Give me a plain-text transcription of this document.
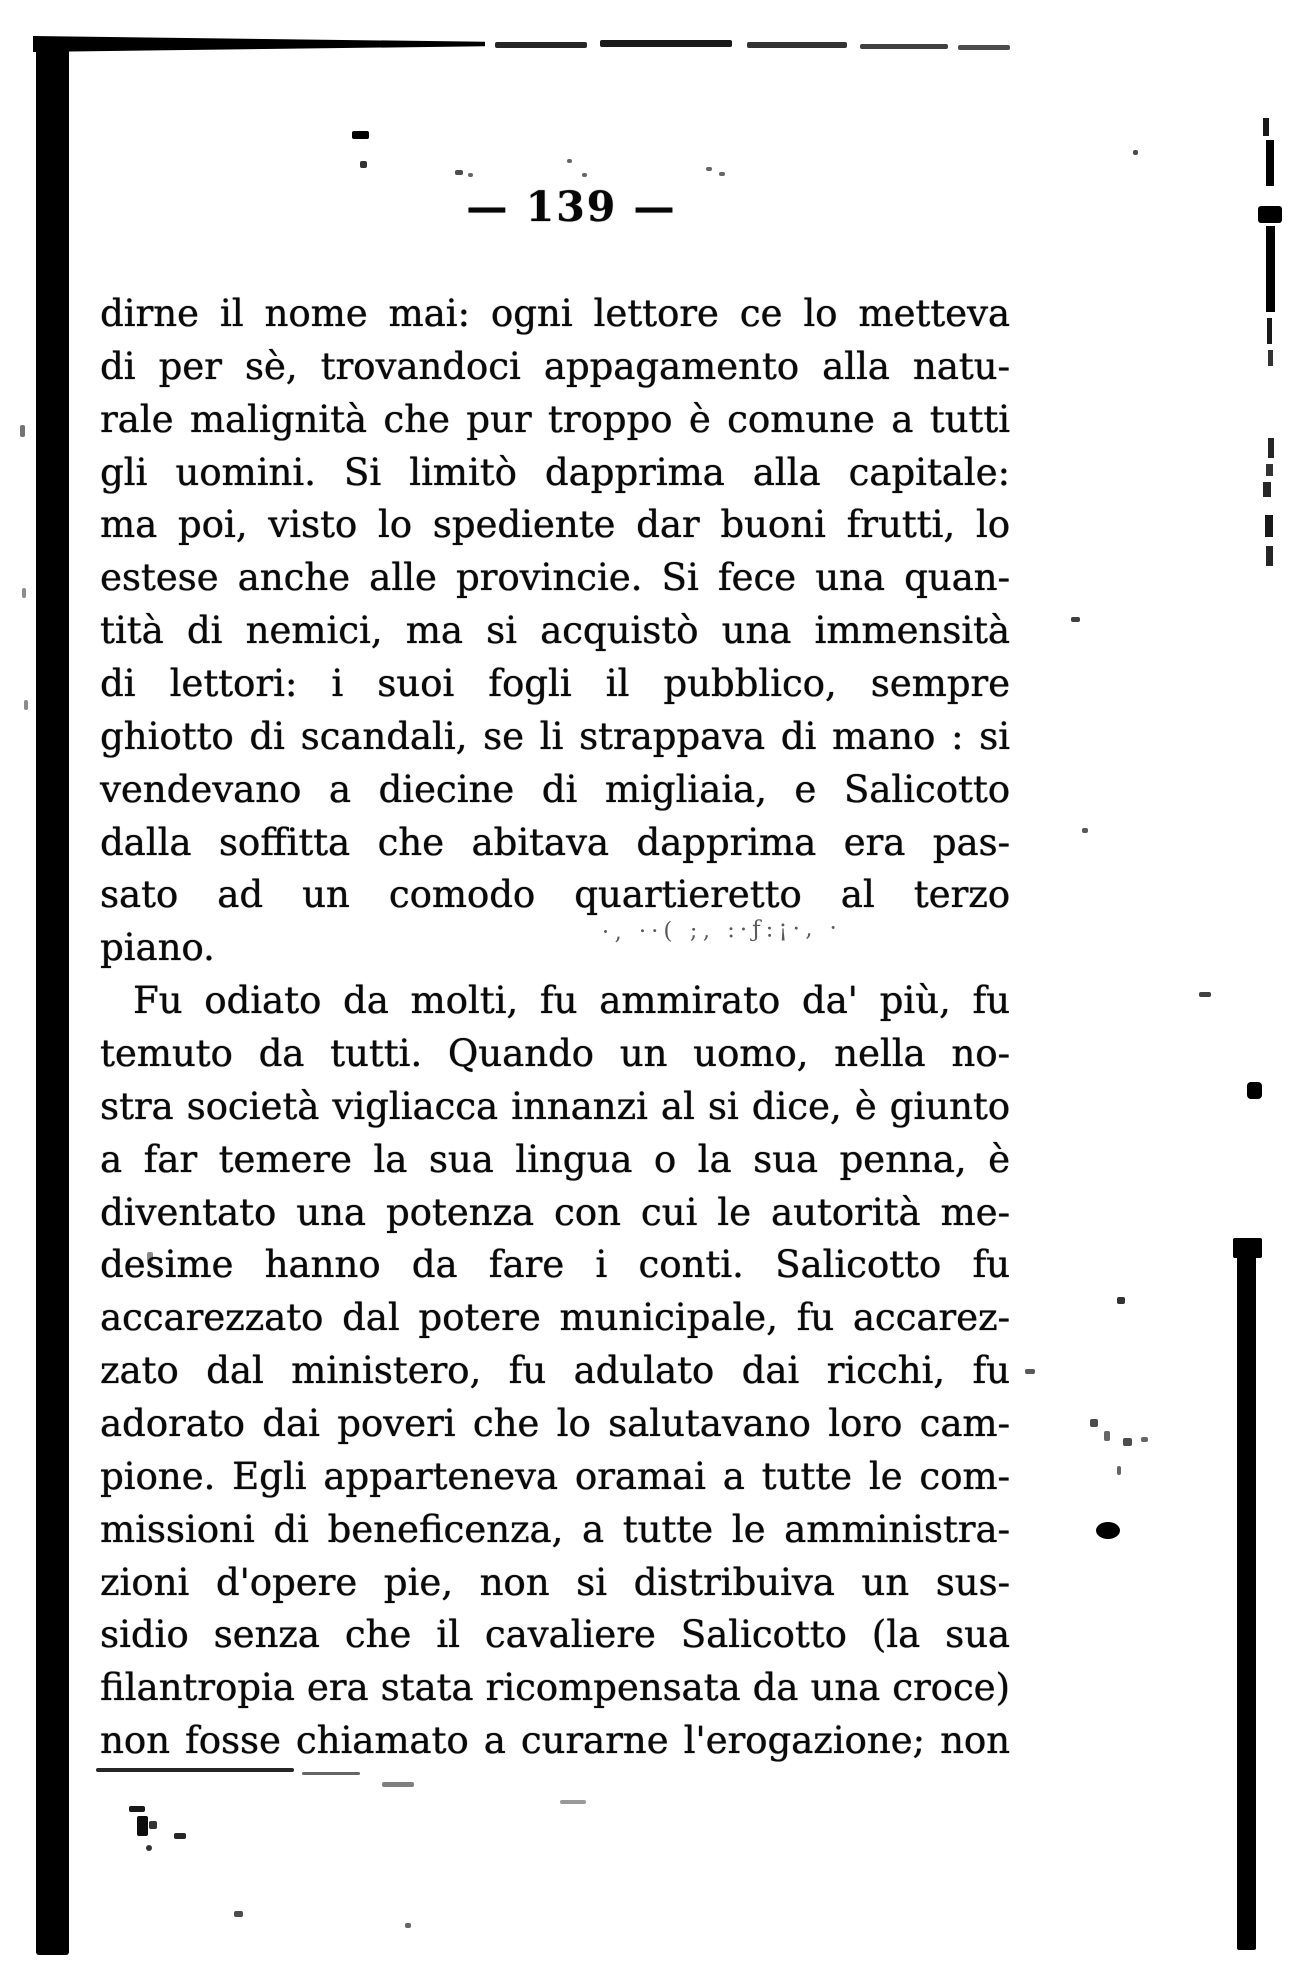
— 139 —
dirne il nome mai: ogni lettore ce lo metteva
di per sè, trovandoci appagamento alla natu-
rale malignità che pur troppo è comune a tutti
gli uomini. Si limitò dapprima alla capitale:
ma poi, visto lo spediente dar buoni frutti, lo
estese anche alle provincie. Si fece una quan-
tità di nemici, ma si acquistò una immensità
di lettori: i suoi fogli il pubblico, sempre
ghiotto di scandali, se li strappava di mano : si
vendevano a diecine di migliaia, e Salicotto
dalla soffitta che abitava dapprima era pas-
sato ad un comodo quartieretto al terzo
piano.
Fu odiato da molti, fu ammirato da' più, fu
temuto da tutti. Quando un uomo, nella no-
stra società vigliacca innanzi al si dice, è giunto
a far temere la sua lingua o la sua penna, è
diventato una potenza con cui le autorità me-
desime hanno da fare i conti. Salicotto fu
accarezzato dal potere municipale, fu accarez-
zato dal ministero, fu adulato dai ricchi, fu
adorato dai poveri che lo salutavano loro cam-
pione. Egli apparteneva oramai a tutte le com-
missioni di beneficenza, a tutte le amministra-
zioni d'opere pie, non si distribuiva un sus-
sidio senza che il cavaliere Salicotto (la sua
filantropia era stata ricompensata da una croce)
non fosse chiamato a curarne l'erogazione; non
·‚ ··( ;‚ :·ƒ:¡·‚ ·
